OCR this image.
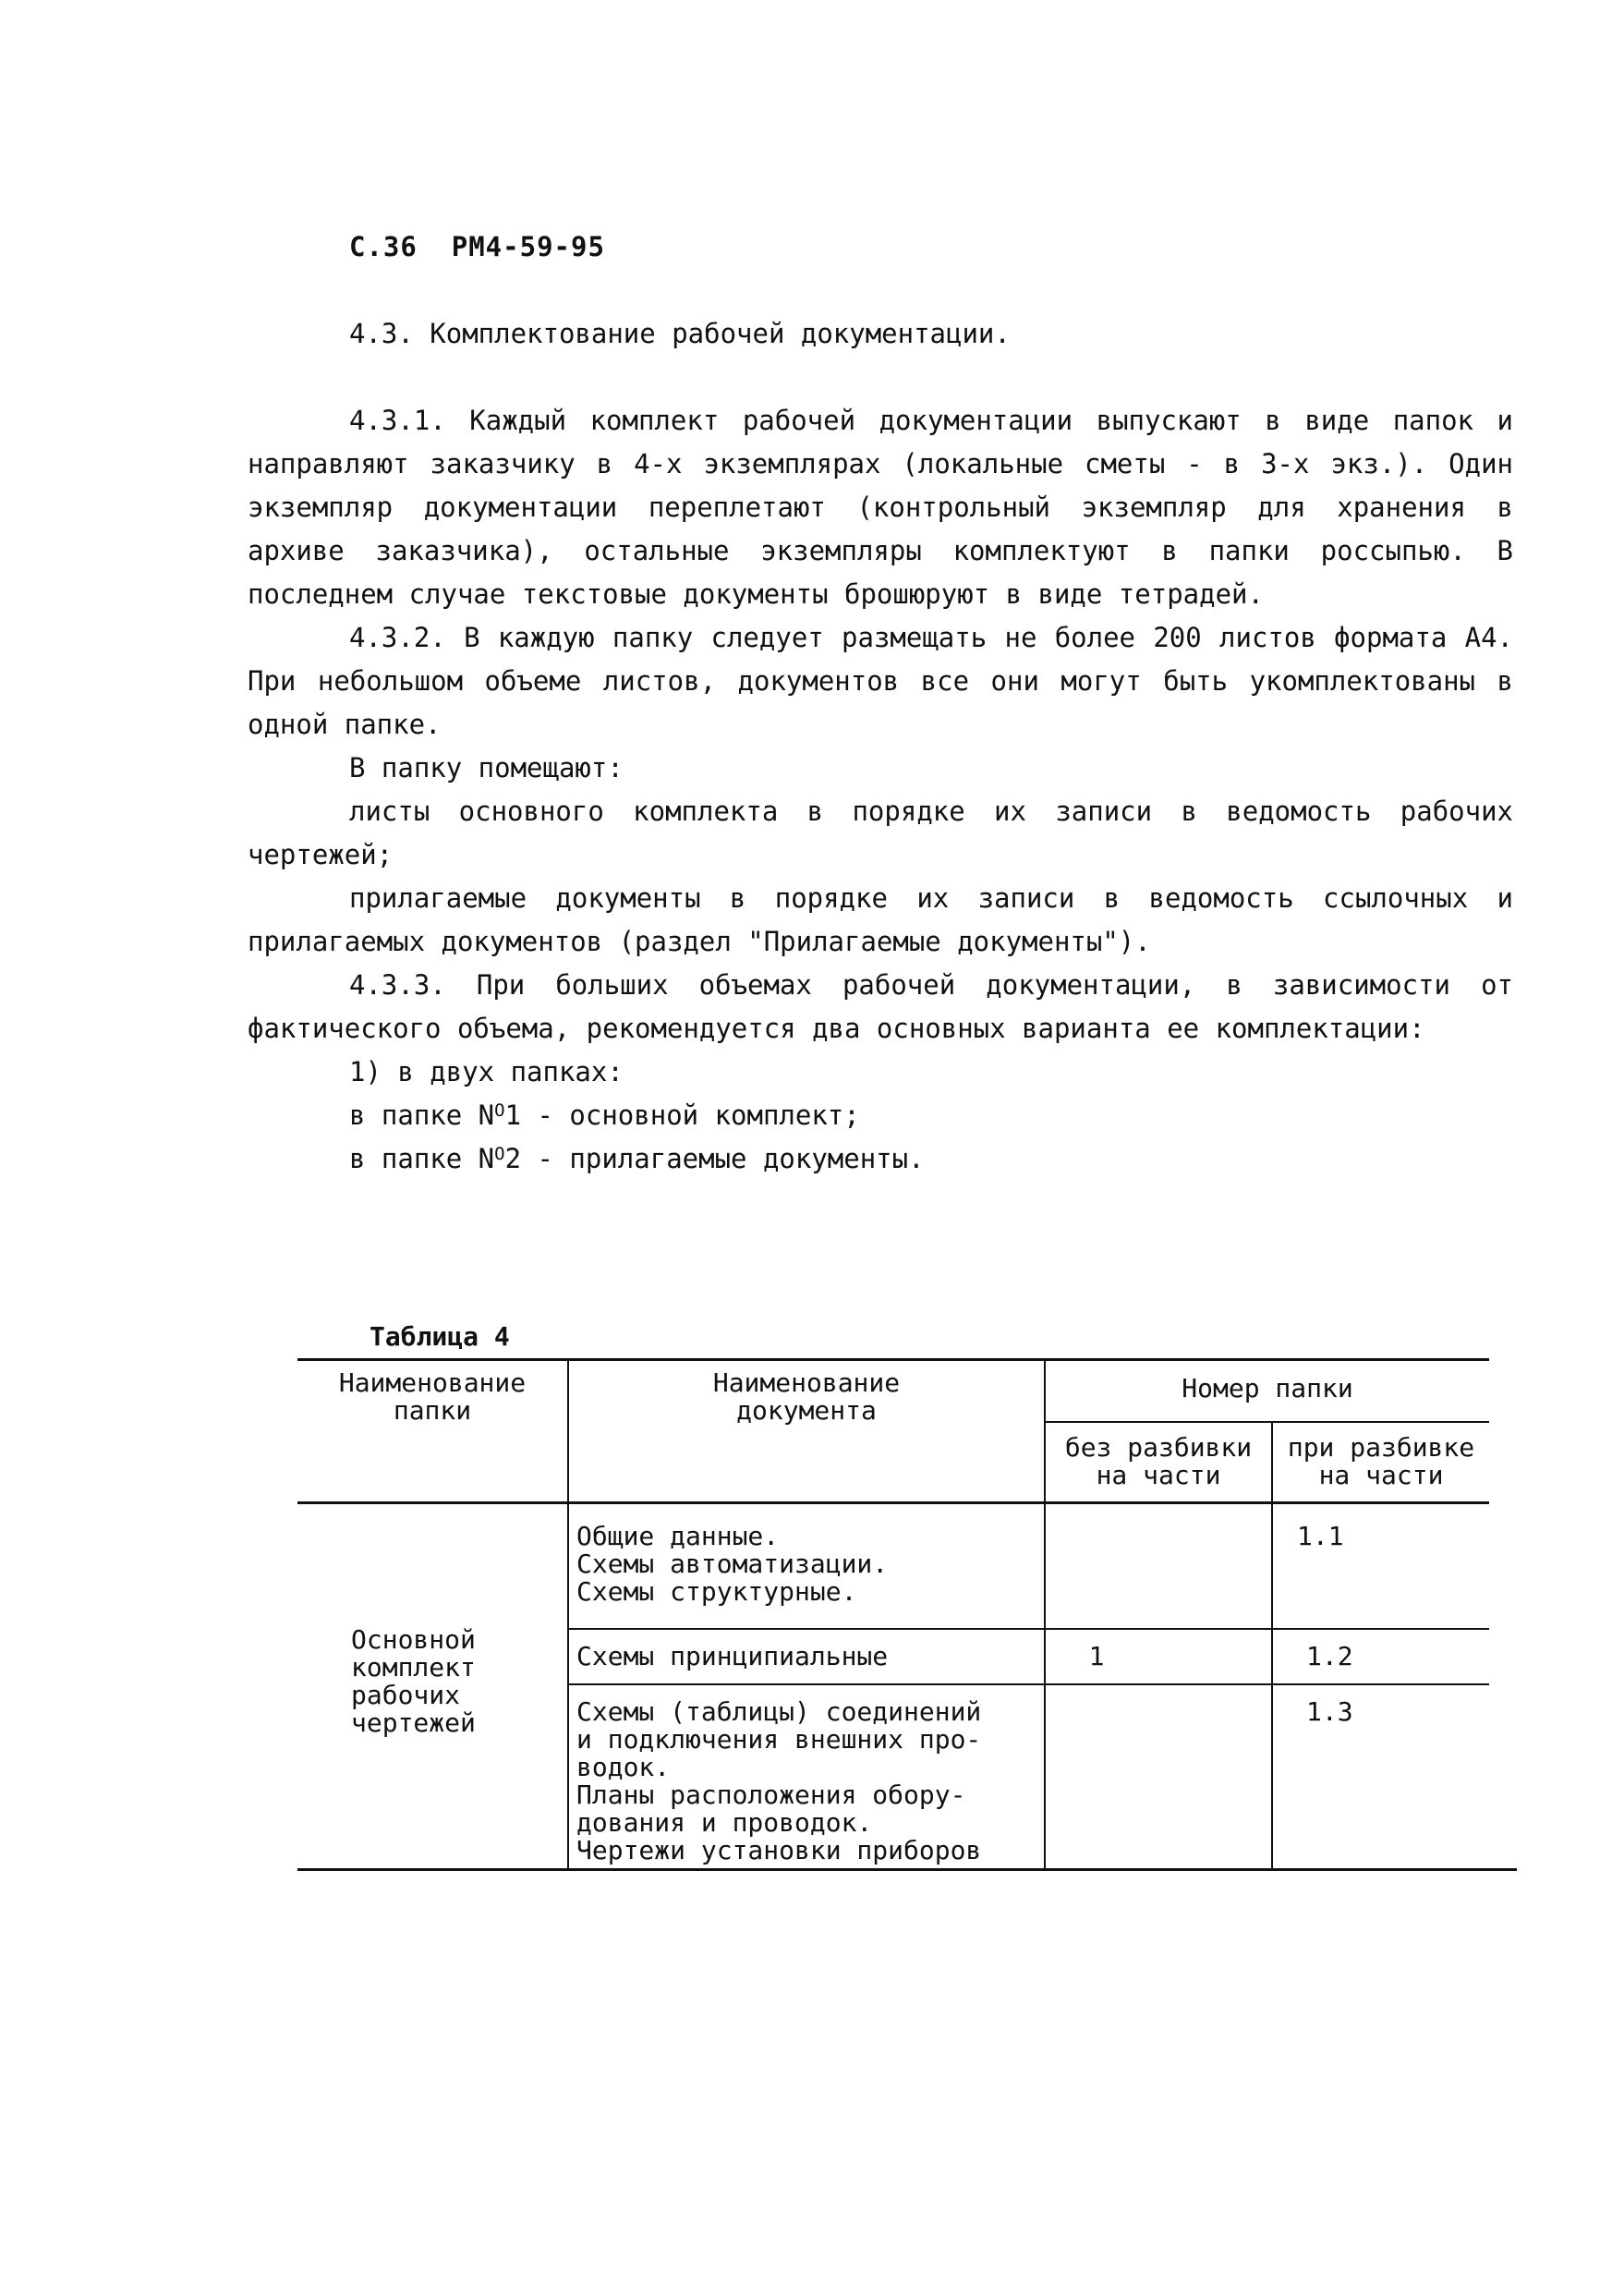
С.36 РМ4-59-95
4.3. Комплектование рабочей документации.

4.3.1. Каждый комплект рабочей документации выпускают в виде папок и направляют заказчику в 4-х экземплярах (локальные сметы - в 3-х экз.). Один экземпляр документации переплетают (контрольный экземпляр для хранения в архиве заказчика), остальные экземпляры комплектуют в папки россыпью. В последнем случае текстовые документы брошюруют в виде тетрадей.

4.3.2. В каждую папку следует размещать не более 200 листов формата А4. При небольшом объеме листов, документов все они могут быть укомплектованы в одной папке.

В папку помещают:

листы основного комплекта в порядке их записи в ведомость рабочих чертежей;

прилагаемые документы в порядке их записи в ведомость ссылочных и прилагаемых документов (раздел "Прилагаемые документы").

4.3.3. При больших объемах рабочей документации, в зависимости от фактического объема, рекомендуется два основных варианта ее комплектации:

1) в двух папках:
в папке $N^О1$ - основной комплект;
в папке $N^О2$ - прилагаемые документы.
Таблица 4
Наименование
папки
Наименование
документа
Номер папки
без разбивки
на части
при разбивке
на части
Основной
комплект
рабочих
чертежей
Общие данные.
Схемы автоматизации.
Схемы структурные.
1.1
Схемы принципиальные	1.2
1
Схемы (таблицы) соединений
и подключения внешних про-
водок.
Планы расположения обору-
дования и проводок.
Чертежи установки приборов
1.3
